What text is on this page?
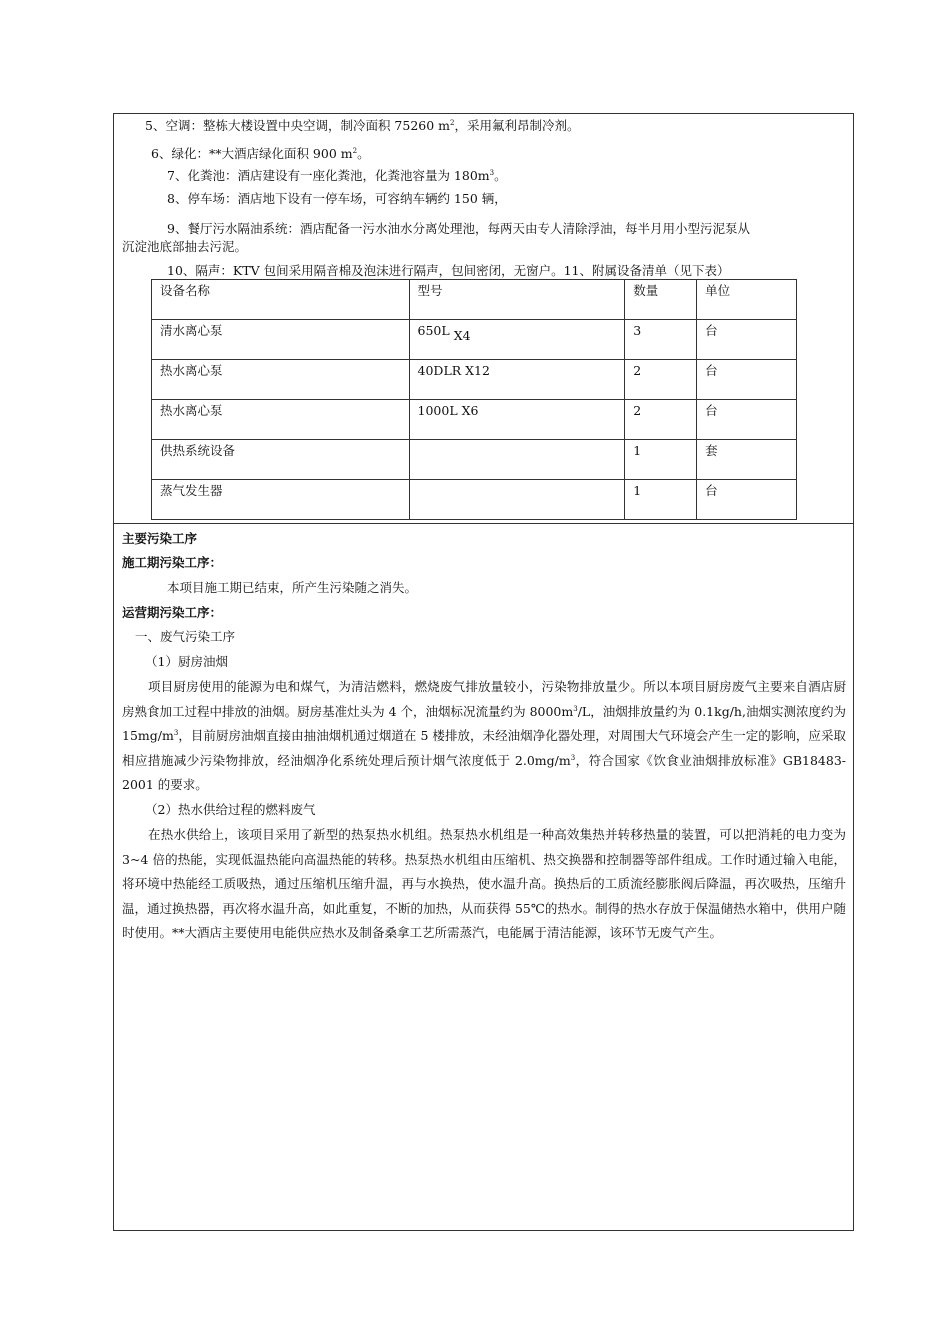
5、空调：整栋大楼设置中央空调，制冷面积 75260 $m^2$，采用氟利昂制冷剂。
6、绿化：**大酒店绿化面积 900 $m^2$。
7、化粪池：酒店建设有一座化粪池，化粪池容量为 $180m^3$。
8、停车场：酒店地下设有一停车场，可容纳车辆约 150 辆，
9、餐厅污水隔油系统：酒店配备一污水油水分离处理池，每两天由专人清除浮油，每半月用小型污泥泵从
沉淀池底部抽去污泥。
10、隔声：KTV 包间采用隔音棉及泡沫进行隔声，包间密闭，无窗户。11、附属设备清单（见下表）
设备名称	型号	数量	单位
清水离心泵	650L X4	3	台
热水离心泵	40DLR X12	2	台
热水离心泵	1000L X6	2	台
供热系统设备		1	套
蒸气发生器		1	台
主要污染工序
施工期污染工序：
本项目施工期已结束，所产生污染随之消失。
运营期污染工序：
一、废气污染工序
（1）厨房油烟

项目厨房使用的能源为电和煤气，为清洁燃料，燃烧废气排放量较小，污染物排放量少。所以本项目厨房废气主要来自酒店厨房熟食加工过程中排放的油烟。厨房基准灶头为 4 个，油烟标况流量约为 $8000m^3/L$，油烟排放量约为 0.1kg/h,油烟实测浓度约为 $15mg/m^3$，目前厨房油烟直接由抽油烟机通过烟道在 5 楼排放，未经油烟净化器处理，对周围大气环境会产生一定的影响，应采取相应措施减少污染物排放，经油烟净化系统处理后预计烟气浓度低于 $2.0mg/m^3$，符合国家《饮食业油烟排放标准》GB18483-2001 的要求。

（2）热水供给过程的燃料废气

在热水供给上，该项目采用了新型的热泵热水机组。热泵热水机组是一种高效集热并转移热量的装置，可以把消耗的电力变为 3~4 倍的热能，实现低温热能向高温热能的转移。热泵热水机组由压缩机、热交换器和控制器等部件组成。工作时通过输入电能，将环境中热能经工质吸热，通过压缩机压缩升温，再与水换热，使水温升高。换热后的工质流经膨胀阀后降温，再次吸热，压缩升温，通过换热器，再次将水温升高，如此重复，不断的加热，从而获得 55℃的热水。制得的热水存放于保温储热水箱中，供用户随时使用。**大酒店主要使用电能供应热水及制备桑拿工艺所需蒸汽，电能属于清洁能源，该环节无废气产生。
